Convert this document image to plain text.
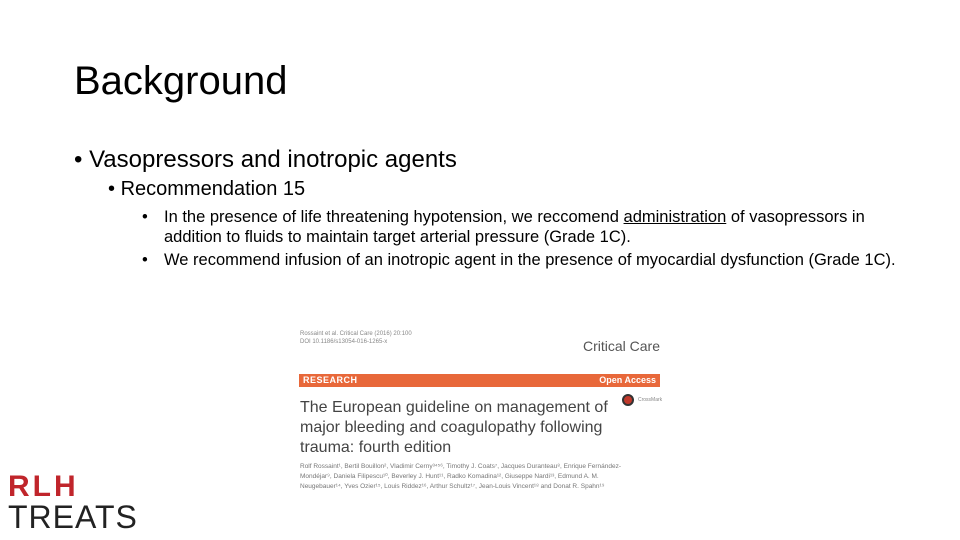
Background
• Vasopressors and inotropic agents
• Recommendation 15
• In the presence of life threatening hypotension, we reccomend administration of vasopressors in addition to fluids to maintain target arterial pressure (Grade 1C).
• We recommend infusion of an inotropic agent in the presence of myocardial dysfunction (Grade 1C).
Rossaint et al. Critical Care (2016) 20:100
DOI 10.1186/s13054-016-1265-x	Critical Care
RESEARCH	Open Access
The European guideline on management of major bleeding and coagulopathy following trauma: fourth edition
CrossMark
Rolf Rossaint¹, Bertil Bouillon², Vladimir Cerny³⁴⁵⁶, Timothy J. Coats⁷, Jacques Duranteau⁸, Enrique Fernández-Mondéjar⁹, Daniela Filipescu¹⁰, Beverley J. Hunt¹¹, Radko Komadina¹², Giuseppe Nardi¹³, Edmund A. M. Neugebauer¹⁴, Yves Ozier¹⁵, Louis Riddez¹⁶, Arthur Schultz¹⁷, Jean-Louis Vincent¹⁸ and Donat R. Spahn¹⁹
RLH
TREATS
